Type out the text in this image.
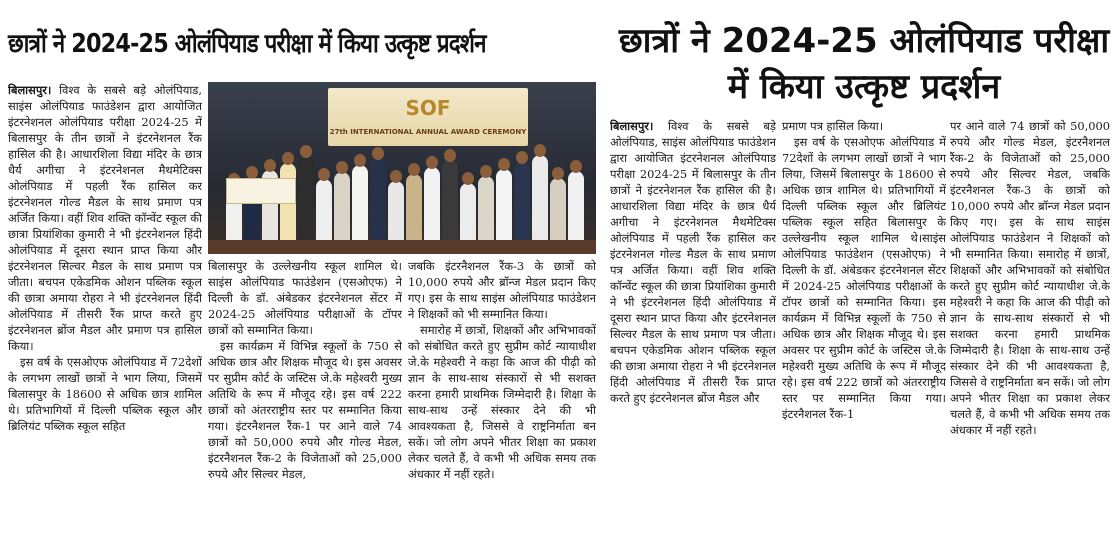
छात्रों ने 2024-25 ओलंपियाड परीक्षा में किया उत्कृष्ट प्रदर्शन

बिलासपुर। विश्व के सबसे बड़े ओलंपियाड, साइंस ओलंपियाड फाउंडेशन द्वारा आयोजित इंटरनेशनल ओलंपियाड परीक्षा 2024-25 में बिलासपुर के तीन छात्रों ने इंटरनेशनल रैंक हासिल की है। आधारशिला विद्या मंदिर के छात्र धैर्य अगीचा ने इंटरनेशनल मैथमेटिक्स ओलंपियाड में पहली रैंक हासिल कर इंटरनेशनल गोल्ड मैडल के साथ प्रमाण पत्र अर्जित किया। वहीं शिव शक्ति कॉन्वेंट स्कूल की छात्रा प्रियांशिका कुमारी ने भी इंटरनेशनल हिंदी ओलंपियाड में दूसरा स्थान प्राप्त किया और इंटरनेशनल सिल्वर मैडल के साथ प्रमाण पत्र जीता। बचपन एकेडमिक ओशन पब्लिक स्कूल की छात्रा अमाया रोहरा ने भी इंटरनेशनल हिंदी ओलंपियाड में तीसरी रैंक प्राप्त करते हुए इंटरनेशनल ब्रोंज मैडल और प्रमाण पत्र हासिल किया।

इस वर्ष के एसओएफ ओलंपियाड में 72देशों के लगभग लाखों छात्रों ने भाग लिया, जिसमें बिलासपुर के 18600 से अधिक छात्र शामिल थे। प्रतिभागियों में दिल्ली पब्लिक स्कूल और ब्रिलियंट पब्लिक स्कूल सहित

SOF
27th INTERNATIONAL ANNUAL AWARD CEREMONY

बिलासपुर के उल्लेखनीय स्कूल शामिल थे।साइंस ओलंपियाड फाउंडेशन (एसओएफ) ने दिल्ली के डॉ. अंबेडकर इंटरनेशनल सेंटर में 2024-25 ओलंपियाड परीक्षाओं के टॉपर छात्रों को सम्मानित किया।

इस कार्यक्रम में विभिन्न स्कूलों के 750 से अधिक छात्र और शिक्षक मौजूद थे। इस अवसर पर सुप्रीम कोर्ट के जस्टिस जे.के महेश्वरी मुख्य अतिथि के रूप में मौजूद रहे। इस वर्ष 222 छात्रों को अंतरराष्ट्रीय स्तर पर सम्मानित किया गया। इंटरनैशनल रैंक-1 पर आने वाले 74 छात्रों को 50,000 रुपये और गोल्ड मेडल, इंटरनैशनल रैंक-2 के विजेताओं को 25,000 रुपये और सिल्वर मेडल,

जबकि इंटरनैशनल रैंक-3 के छात्रों को 10,000 रुपये और ब्रॉन्ज मेडल प्रदान किए गए। इस के साथ साइंस ओलंपियाड फाउंडेशन ने शिक्षकों को भी सम्मानित किया।

समारोह में छात्रों, शिक्षकों और अभिभावकों को संबोधित करते हुए सुप्रीम कोर्ट न्यायाधीश जे.के महेश्वरी ने कहा कि आज की पीढ़ी को ज्ञान के साथ-साथ संस्कारों से भी सशक्त करना हमारी प्राथमिक जिम्मेदारी है। शिक्षा के साथ-साथ उन्हें संस्कार देने की भी आवश्यकता है, जिससे वे राष्ट्रनिर्माता बन सकें। जो लोग अपने भीतर शिक्षा का प्रकाश लेकर चलते हैं, वे कभी भी अधिक समय तक अंधकार में नहीं रहते।

छात्रों ने 2024-25 ओलंपियाड परीक्षा में किया उत्कृष्ट प्रदर्शन

बिलासपुर। विश्व के सबसे बड़े ओलंपियाड, साइंस ओलंपियाड फाउंडेशन द्वारा आयोजित इंटरनेशनल ओलंपियाड परीक्षा 2024-25 में बिलासपुर के तीन छात्रों ने इंटरनेशनल रैंक हासिल की है। आधारशिला विद्या मंदिर के छात्र धैर्य अगीचा ने इंटरनेशनल मैथमेटिक्स ओलंपियाड में पहली रैंक हासिल कर इंटरनेशनल गोल्ड मैडल के साथ प्रमाण पत्र अर्जित किया। वहीं शिव शक्ति कॉन्वेंट स्कूल की छात्रा प्रियांशिका कुमारी ने भी इंटरनेशनल हिंदी ओलंपियाड में दूसरा स्थान प्राप्त किया और इंटरनेशनल सिल्वर मैडल के साथ प्रमाण पत्र जीता। बचपन एकेडमिक ओशन पब्लिक स्कूल की छात्रा अमाया रोहरा ने भी इंटरनेशनल हिंदी ओलंपियाड में तीसरी रैंक प्राप्त करते हुए इंटरनेशनल ब्रोंज मैडल और

प्रमाण पत्र हासिल किया।

इस वर्ष के एसओएफ ओलंपियाड में 72देशों के लगभग लाखों छात्रों ने भाग लिया, जिसमें बिलासपुर के 18600 से अधिक छात्र शामिल थे। प्रतिभागियों में दिल्ली पब्लिक स्कूल और ब्रिलियंट पब्लिक स्कूल सहित बिलासपुर के उल्लेखनीय स्कूल शामिल थे।साइंस ओलंपियाड फाउंडेशन (एसओएफ) ने दिल्ली के डॉ. अंबेडकर इंटरनेशनल सेंटर में 2024-25 ओलंपियाड परीक्षाओं के टॉपर छात्रों को सम्मानित किया। इस कार्यक्रम में विभिन्न स्कूलों के 750 से अधिक छात्र और शिक्षक मौजूद थे। इस अवसर पर सुप्रीम कोर्ट के जस्टिस जे.के महेश्वरी मुख्य अतिथि के रूप में मौजूद रहे। इस वर्ष 222 छात्रों को अंतरराष्ट्रीय स्तर पर सम्मानित किया गया। इंटरनैशनल रैंक-1

पर आने वाले 74 छात्रों को 50,000 रुपये और गोल्ड मेडल, इंटरनैशनल रैंक-2 के विजेताओं को 25,000 रुपये और सिल्वर मेडल, जबकि इंटरनैशनल रैंक-3 के छात्रों को 10,000 रुपये और ब्रॉन्ज मेडल प्रदान किए गए। इस के साथ साइंस ओलंपियाड फाउंडेशन ने शिक्षकों को भी सम्मानित किया। समारोह में छात्रों, शिक्षकों और अभिभावकों को संबोधित करते हुए सुप्रीम कोर्ट न्यायाधीश जे.के महेश्वरी ने कहा कि आज की पीढ़ी को ज्ञान के साथ-साथ संस्कारों से भी सशक्त करना हमारी प्राथमिक जिम्मेदारी है। शिक्षा के साथ-साथ उन्हें संस्कार देने की भी आवश्यकता है, जिससे वे राष्ट्रनिर्माता बन सकें। जो लोग अपने भीतर शिक्षा का प्रकाश लेकर चलते हैं, वे कभी भी अधिक समय तक अंधकार में नहीं रहते।
